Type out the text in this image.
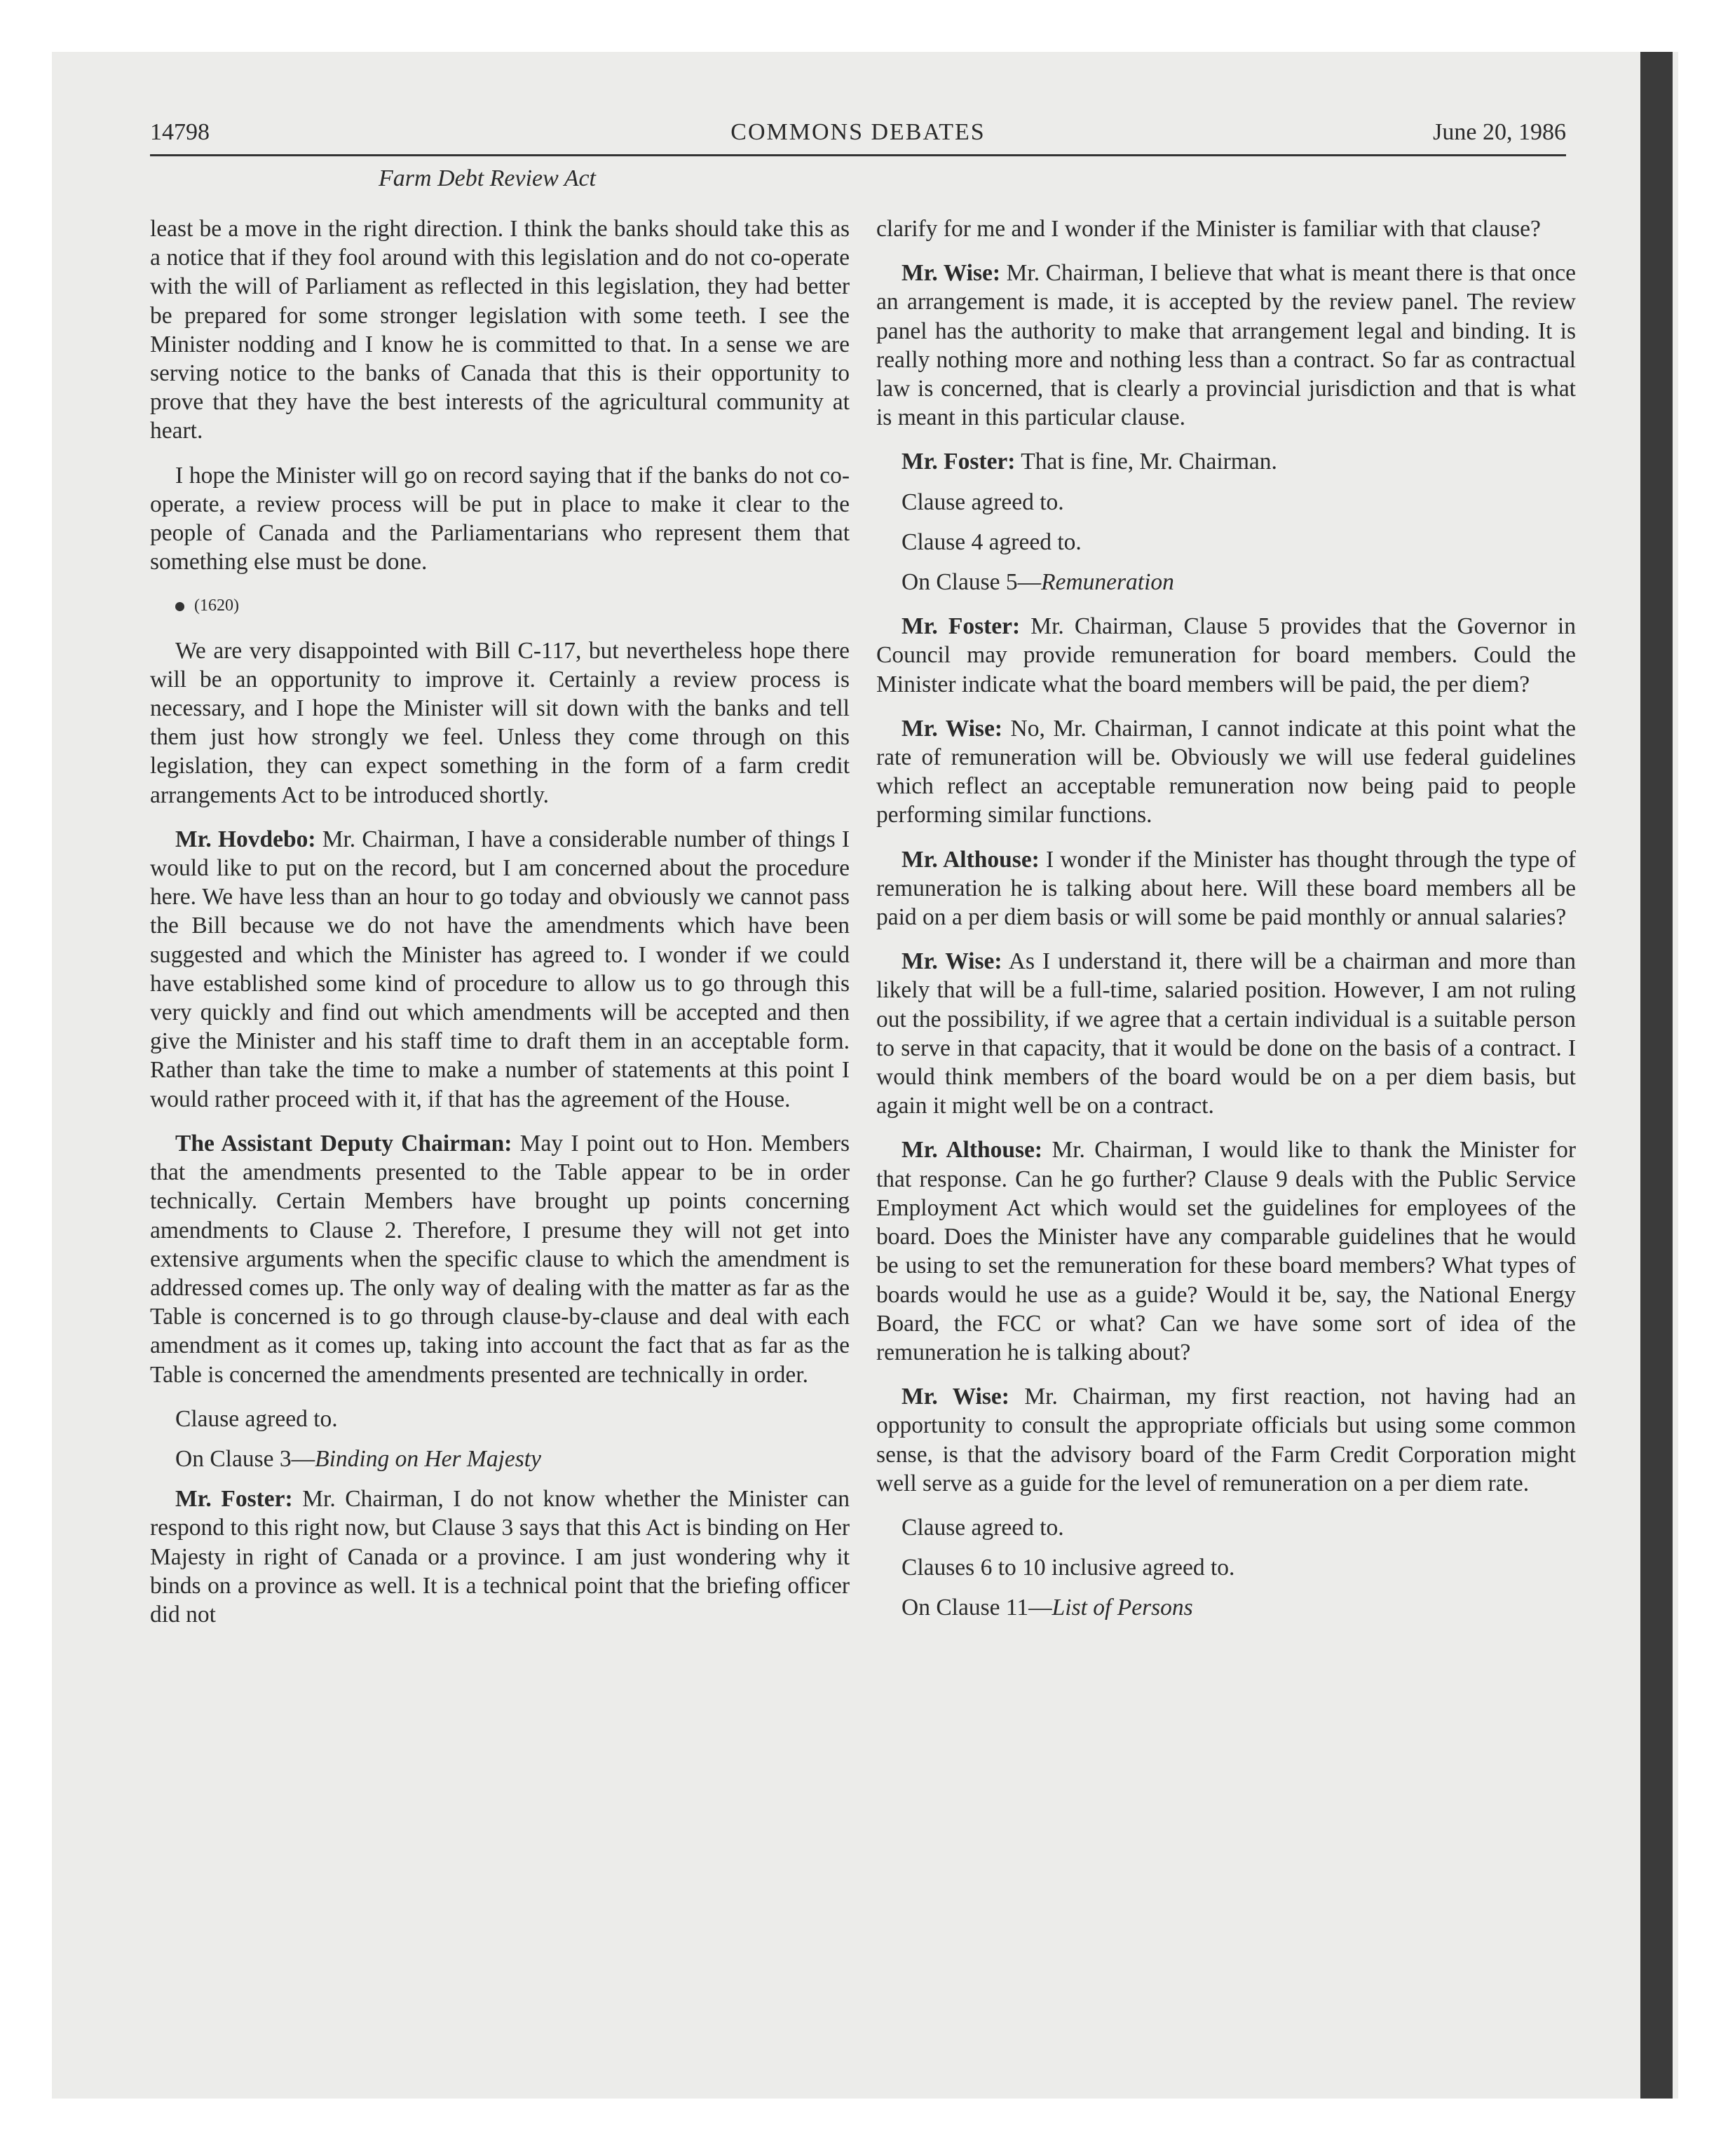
14798	COMMONS DEBATES	June 20, 1986
Farm Debt Review Act

least be a move in the right direction. I think the banks should take this as a notice that if they fool around with this legislation and do not co-operate with the will of Parliament as reflected in this legislation, they had better be prepared for some stronger legislation with some teeth. I see the Minister nodding and I know he is committed to that. In a sense we are serving notice to the banks of Canada that this is their opportunity to prove that they have the best interests of the agricultural community at heart.

I hope the Minister will go on record saying that if the banks do not co-operate, a review process will be put in place to make it clear to the people of Canada and the Parliamentarians who represent them that something else must be done.

(1620)

We are very disappointed with Bill C-117, but nevertheless hope there will be an opportunity to improve it. Certainly a review process is necessary, and I hope the Minister will sit down with the banks and tell them just how strongly we feel. Unless they come through on this legislation, they can expect something in the form of a farm credit arrangements Act to be introduced shortly.

Mr. Hovdebo: Mr. Chairman, I have a considerable number of things I would like to put on the record, but I am concerned about the procedure here. We have less than an hour to go today and obviously we cannot pass the Bill because we do not have the amendments which have been suggested and which the Minister has agreed to. I wonder if we could have established some kind of procedure to allow us to go through this very quickly and find out which amendments will be accepted and then give the Minister and his staff time to draft them in an acceptable form. Rather than take the time to make a number of statements at this point I would rather proceed with it, if that has the agreement of the House.

The Assistant Deputy Chairman: May I point out to Hon. Members that the amendments presented to the Table appear to be in order technically. Certain Members have brought up points concerning amendments to Clause 2. Therefore, I presume they will not get into extensive arguments when the specific clause to which the amendment is addressed comes up. The only way of dealing with the matter as far as the Table is concerned is to go through clause-by-clause and deal with each amendment as it comes up, taking into account the fact that as far as the Table is concerned the amendments presented are technically in order.

Clause agreed to.

On Clause 3—Binding on Her Majesty

Mr. Foster: Mr. Chairman, I do not know whether the Minister can respond to this right now, but Clause 3 says that this Act is binding on Her Majesty in right of Canada or a province. I am just wondering why it binds on a province as well. It is a technical point that the briefing officer did not

clarify for me and I wonder if the Minister is familiar with that clause?

Mr. Wise: Mr. Chairman, I believe that what is meant there is that once an arrangement is made, it is accepted by the review panel. The review panel has the authority to make that arrangement legal and binding. It is really nothing more and nothing less than a contract. So far as contractual law is concerned, that is clearly a provincial jurisdiction and that is what is meant in this particular clause.

Mr. Foster: That is fine, Mr. Chairman.

Clause agreed to.

Clause 4 agreed to.

On Clause 5—Remuneration

Mr. Foster: Mr. Chairman, Clause 5 provides that the Governor in Council may provide remuneration for board members. Could the Minister indicate what the board members will be paid, the per diem?

Mr. Wise: No, Mr. Chairman, I cannot indicate at this point what the rate of remuneration will be. Obviously we will use federal guidelines which reflect an acceptable remuneration now being paid to people performing similar functions.

Mr. Althouse: I wonder if the Minister has thought through the type of remuneration he is talking about here. Will these board members all be paid on a per diem basis or will some be paid monthly or annual salaries?

Mr. Wise: As I understand it, there will be a chairman and more than likely that will be a full-time, salaried position. However, I am not ruling out the possibility, if we agree that a certain individual is a suitable person to serve in that capacity, that it would be done on the basis of a contract. I would think members of the board would be on a per diem basis, but again it might well be on a contract.

Mr. Althouse: Mr. Chairman, I would like to thank the Minister for that response. Can he go further? Clause 9 deals with the Public Service Employment Act which would set the guidelines for employees of the board. Does the Minister have any comparable guidelines that he would be using to set the remuneration for these board members? What types of boards would he use as a guide? Would it be, say, the National Energy Board, the FCC or what? Can we have some sort of idea of the remuneration he is talking about?

Mr. Wise: Mr. Chairman, my first reaction, not having had an opportunity to consult the appropriate officials but using some common sense, is that the advisory board of the Farm Credit Corporation might well serve as a guide for the level of remuneration on a per diem rate.

Clause agreed to.

Clauses 6 to 10 inclusive agreed to.

On Clause 11—List of Persons
